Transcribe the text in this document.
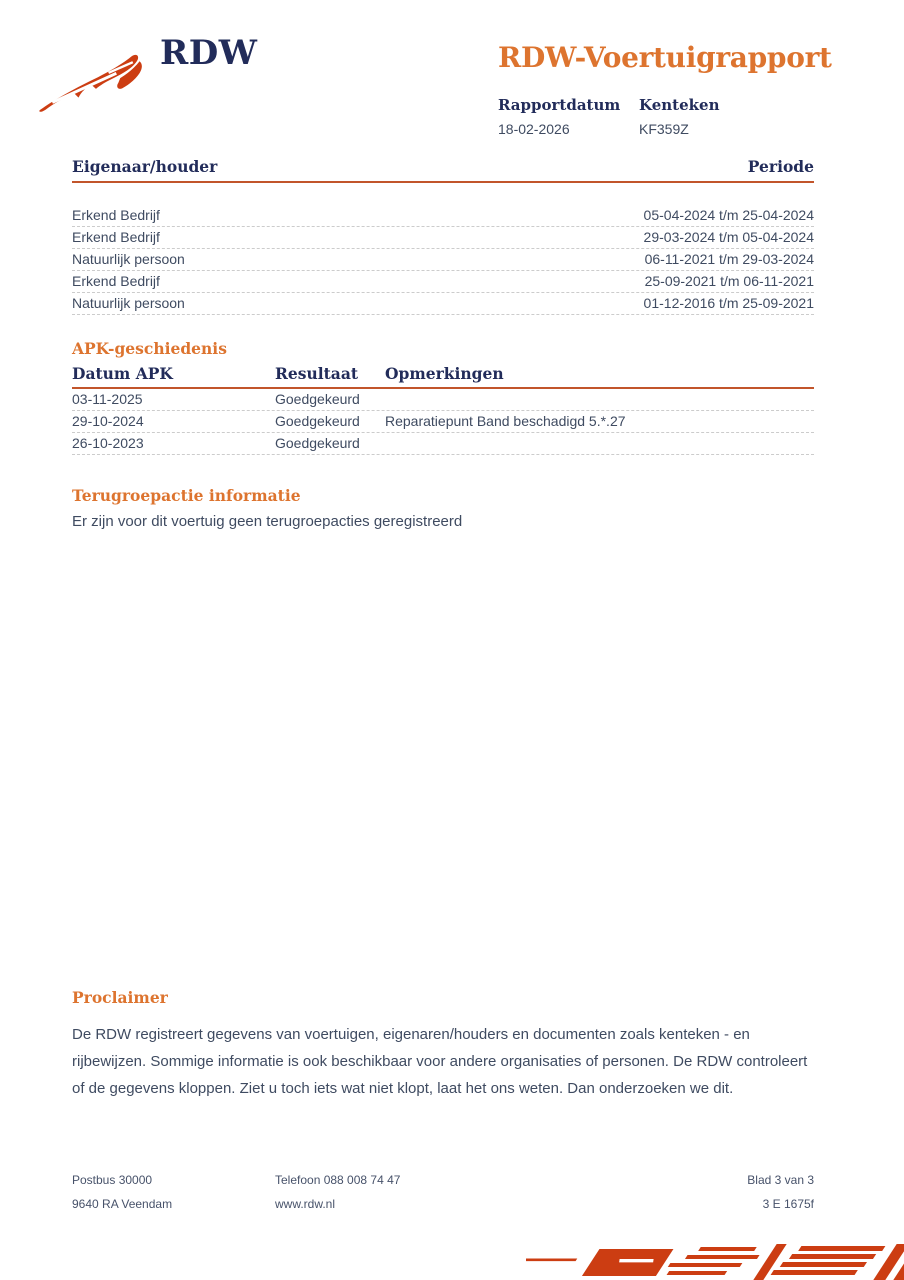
RDW	RDW-Voertuigrapport
Rapportdatum
18-02-2026
Kenteken
KF359Z
Eigenaar/houder	Periode
Erkend Bedrijf	05-04-2024 t/m 25-04-2024
Erkend Bedrijf	29-03-2024 t/m 05-04-2024
Natuurlijk persoon	06-11-2021 t/m 29-03-2024
Erkend Bedrijf	25-09-2021 t/m 06-11-2021
Natuurlijk persoon	01-12-2016 t/m 25-09-2021
APK-geschiedenis
Datum APK	Resultaat	Opmerkingen
03-11-2025	Goedgekeurd
29-10-2024	Goedgekeurd	Reparatiepunt Band beschadigd 5.*.27
26-10-2023	Goedgekeurd
Terugroepactie informatie
Er zijn voor dit voertuig geen terugroepacties geregistreerd
Proclaimer
De RDW registreert gegevens van voertuigen, eigenaren/houders en documenten zoals kenteken - en rijbewijzen. Sommige informatie is ook beschikbaar voor andere organisaties of personen. De RDW controleert of de gegevens kloppen. Ziet u toch iets wat niet klopt, laat het ons weten. Dan onderzoeken we dit.
Postbus 30000
9640 RA Veendam
Telefoon 088 008 74 47
www.rdw.nl
Blad 3 van 3
3 E 1675f
